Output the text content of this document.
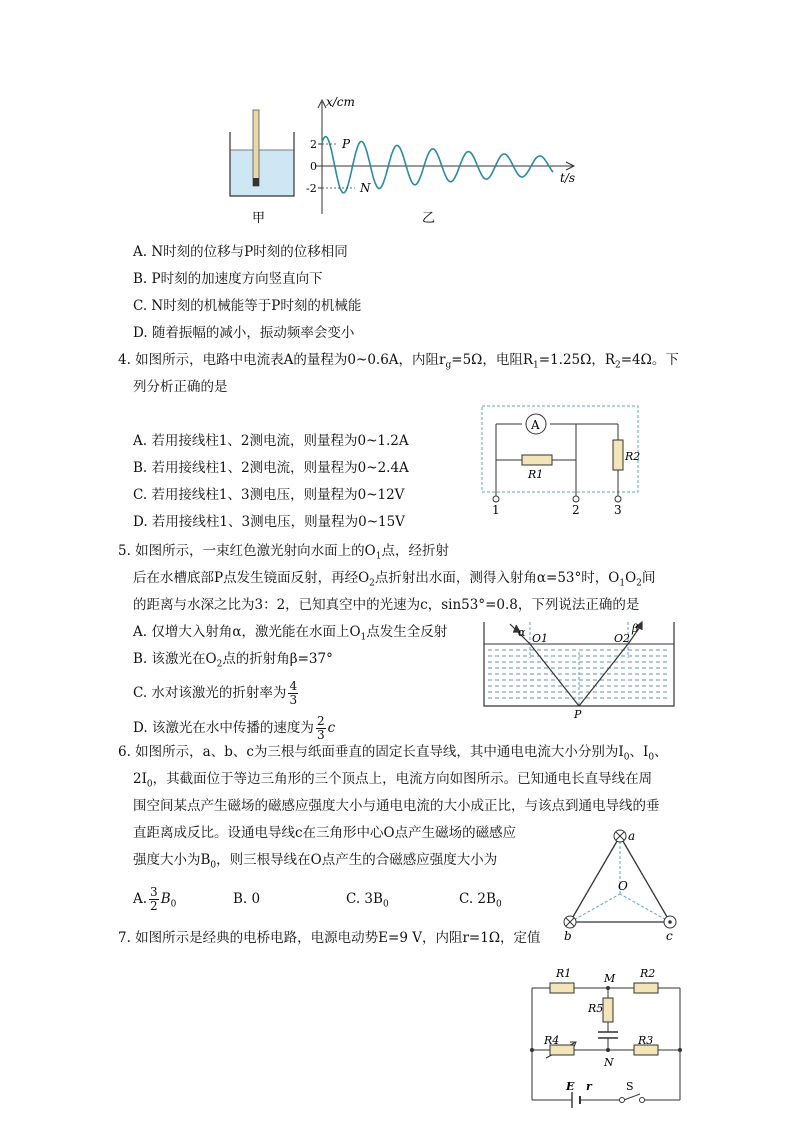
x/cm
t/s
2
0
-2
P
N
甲	乙
A. N时刻的位移与P时刻的位移相同
B. P时刻的加速度方向竖直向下
C. N时刻的机械能等于P时刻的机械能
D. 随着振幅的减小，振动频率会变小
4. 如图所示，电路中电流表A的量程为0~0.6A，内阻$r_g=5\Omega$，电阻$R_1=1.25\Omega$，$R_2=4\Omega$。下
列分析正确的是
A. 若用接线柱1、2测电流，则量程为0~1.2A
B. 若用接线柱1、2测电流，则量程为0~2.4A
C. 若用接线柱1、3测电压，则量程为0~12V
D. 若用接线柱1、3测电压，则量程为0~15V
A
R1
R2
1	2	3
5. 如图所示，一束红色激光射向水面上的$O_1$点，经折射
后在水槽底部P点发生镜面反射，再经$O_2$点折射出水面，测得入射角α=53°时，$O_1O_2$间
的距离与水深之比为3：2，已知真空中的光速为c，sin53°=0.8，下列说法正确的是
A. 仅增大入射角α，激光能在水面上$O_1$点发生全反射
B. 该激光在$O_2$点的折射角β=37°
C. 水对该激光的折射率为 $\frac{4}{3}$
D. 该激光在水中传播的速度为 $\frac{2}{3}$ c
α	β
O1	O2
P
6. 如图所示，a、b、c为三根与纸面垂直的固定长直导线，其中通电电流大小分别为$I_0$、$I_0$、
$2I_0$，其截面位于等边三角形的三个顶点上，电流方向如图所示。已知通电长直导线在周
围空间某点产生磁场的磁感应强度大小与通电电流的大小成正比，与该点到通电导线的垂
直距离成反比。设通电导线c在三角形中心O点产生磁场的磁感应
强度大小为$B_0$，则三根导线在O点产生的合磁感应强度大小为
A. $\frac{3}{2} B_0$	B. 0	C. $3B_0$	C. $2B_0$
a
b	c
O
7. 如图所示是经典的电桥电路，电源电动势E=9 V，内阻r=1Ω，定值
R1	R2
R5
R4	R3
M
N
E r	S
